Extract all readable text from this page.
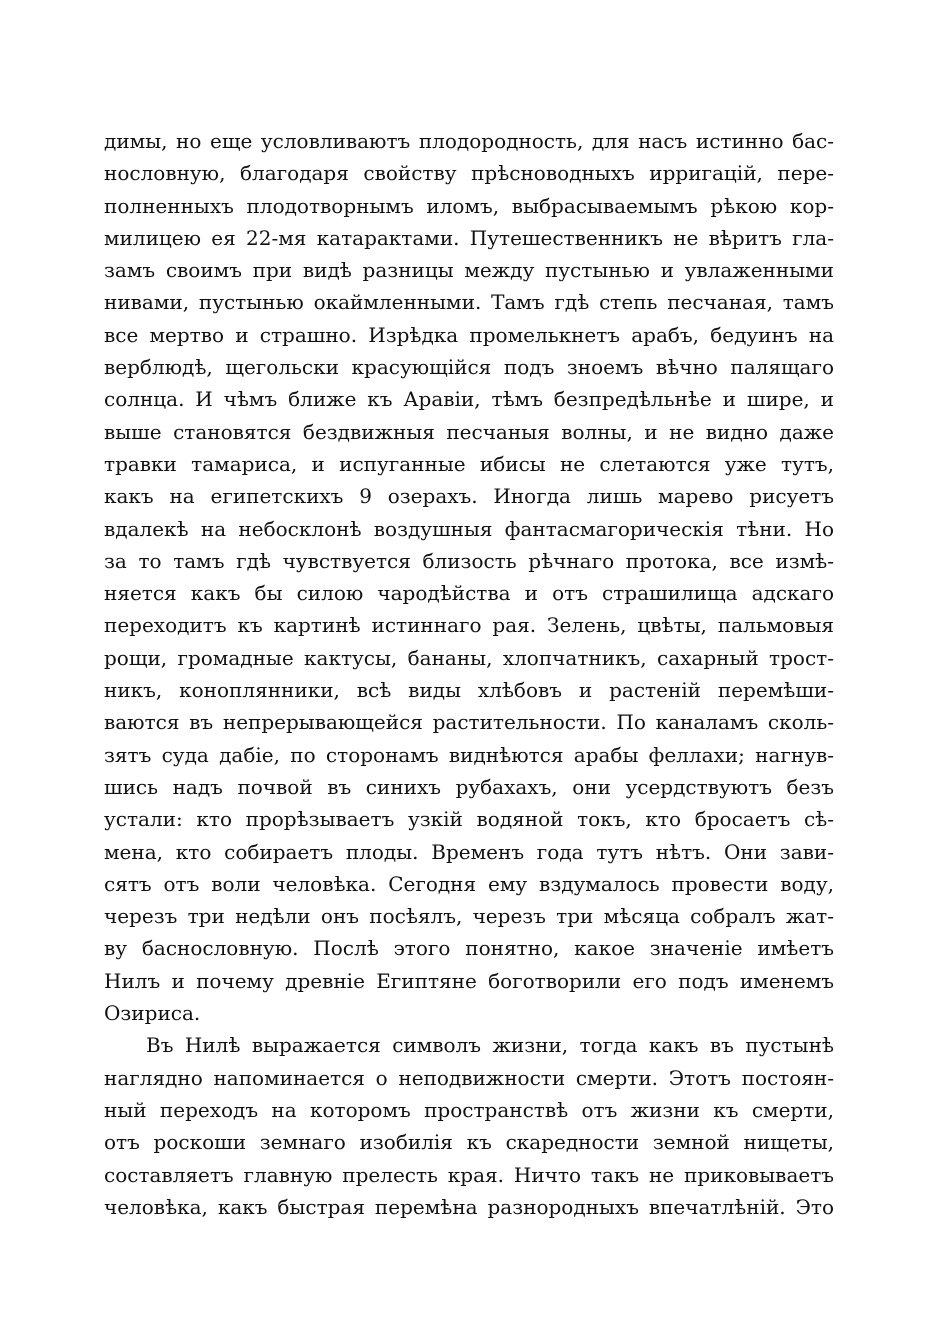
димы, но еще условливаютъ плодородность, для насъ истинно бас-
нословную, благодаря свойству прѣсноводныхъ ирригацій, пере-
полненныхъ плодотворнымъ иломъ, выбрасываемымъ рѣкою кор-
милицею ея 22-мя катарактами. Путешественникъ не вѣритъ гла-
замъ своимъ при видѣ разницы между пустынью и увлаженными
нивами, пустынью окаймленными. Тамъ гдѣ степь песчаная, тамъ
все мертво и страшно. Изрѣдка промелькнетъ арабъ, бедуинъ на
верблюдѣ, щегольски красующійся подъ зноемъ вѣчно палящаго
солнца. И чѣмъ ближе къ Аравіи, тѣмъ безпредѣльнѣе и шире, и
выше становятся бездвижныя песчаныя волны, и не видно даже
травки тамариса, и испуганные ибисы не слетаются уже тутъ,
какъ на египетскихъ 9 озерахъ. Иногда лишь марево рисуетъ
вдалекѣ на небосклонѣ воздушныя фантасмагорическія тѣни. Но
за то тамъ гдѣ чувствуется близость рѣчнаго протока, все измѣ-
няется какъ бы силою чародѣйства и отъ страшилища адскаго
переходитъ къ картинѣ истиннаго рая. Зелень, цвѣты, пальмовыя
рощи, громадные кактусы, бананы, хлопчатникъ, сахарный трост-
никъ, коноплянники, всѣ виды хлѣбовъ и растеній перемѣши-
ваются въ непрерывающейся растительности. По каналамъ сколь-
зятъ суда дабіе, по сторонамъ виднѣются арабы феллахи; нагнув-
шись надъ почвой въ синихъ рубахахъ, они усердствуютъ безъ
устали: кто прорѣзываетъ узкій водяной токъ, кто бросаетъ сѣ-
мена, кто собираетъ плоды. Временъ года тутъ нѣтъ. Они зави-
сятъ отъ воли человѣка. Сегодня ему вздумалось провести воду,
черезъ три недѣли онъ посѣялъ, черезъ три мѣсяца собралъ жат-
ву баснословную. Послѣ этого понятно, какое значеніе имѣетъ
Нилъ и почему древніе Египтяне боготворили его подъ именемъ
Озириса.
Въ Нилѣ выражается символъ жизни, тогда какъ въ пустынѣ
наглядно напоминается о неподвижности смерти. Этотъ постоян-
ный переходъ на которомъ пространствѣ отъ жизни къ смерти,
отъ роскоши земнаго изобилія къ скаредности земной нищеты,
составляетъ главную прелесть края. Ничто такъ не приковываетъ
человѣка, какъ быстрая перемѣна разнородныхъ впечатлѣній. Это
